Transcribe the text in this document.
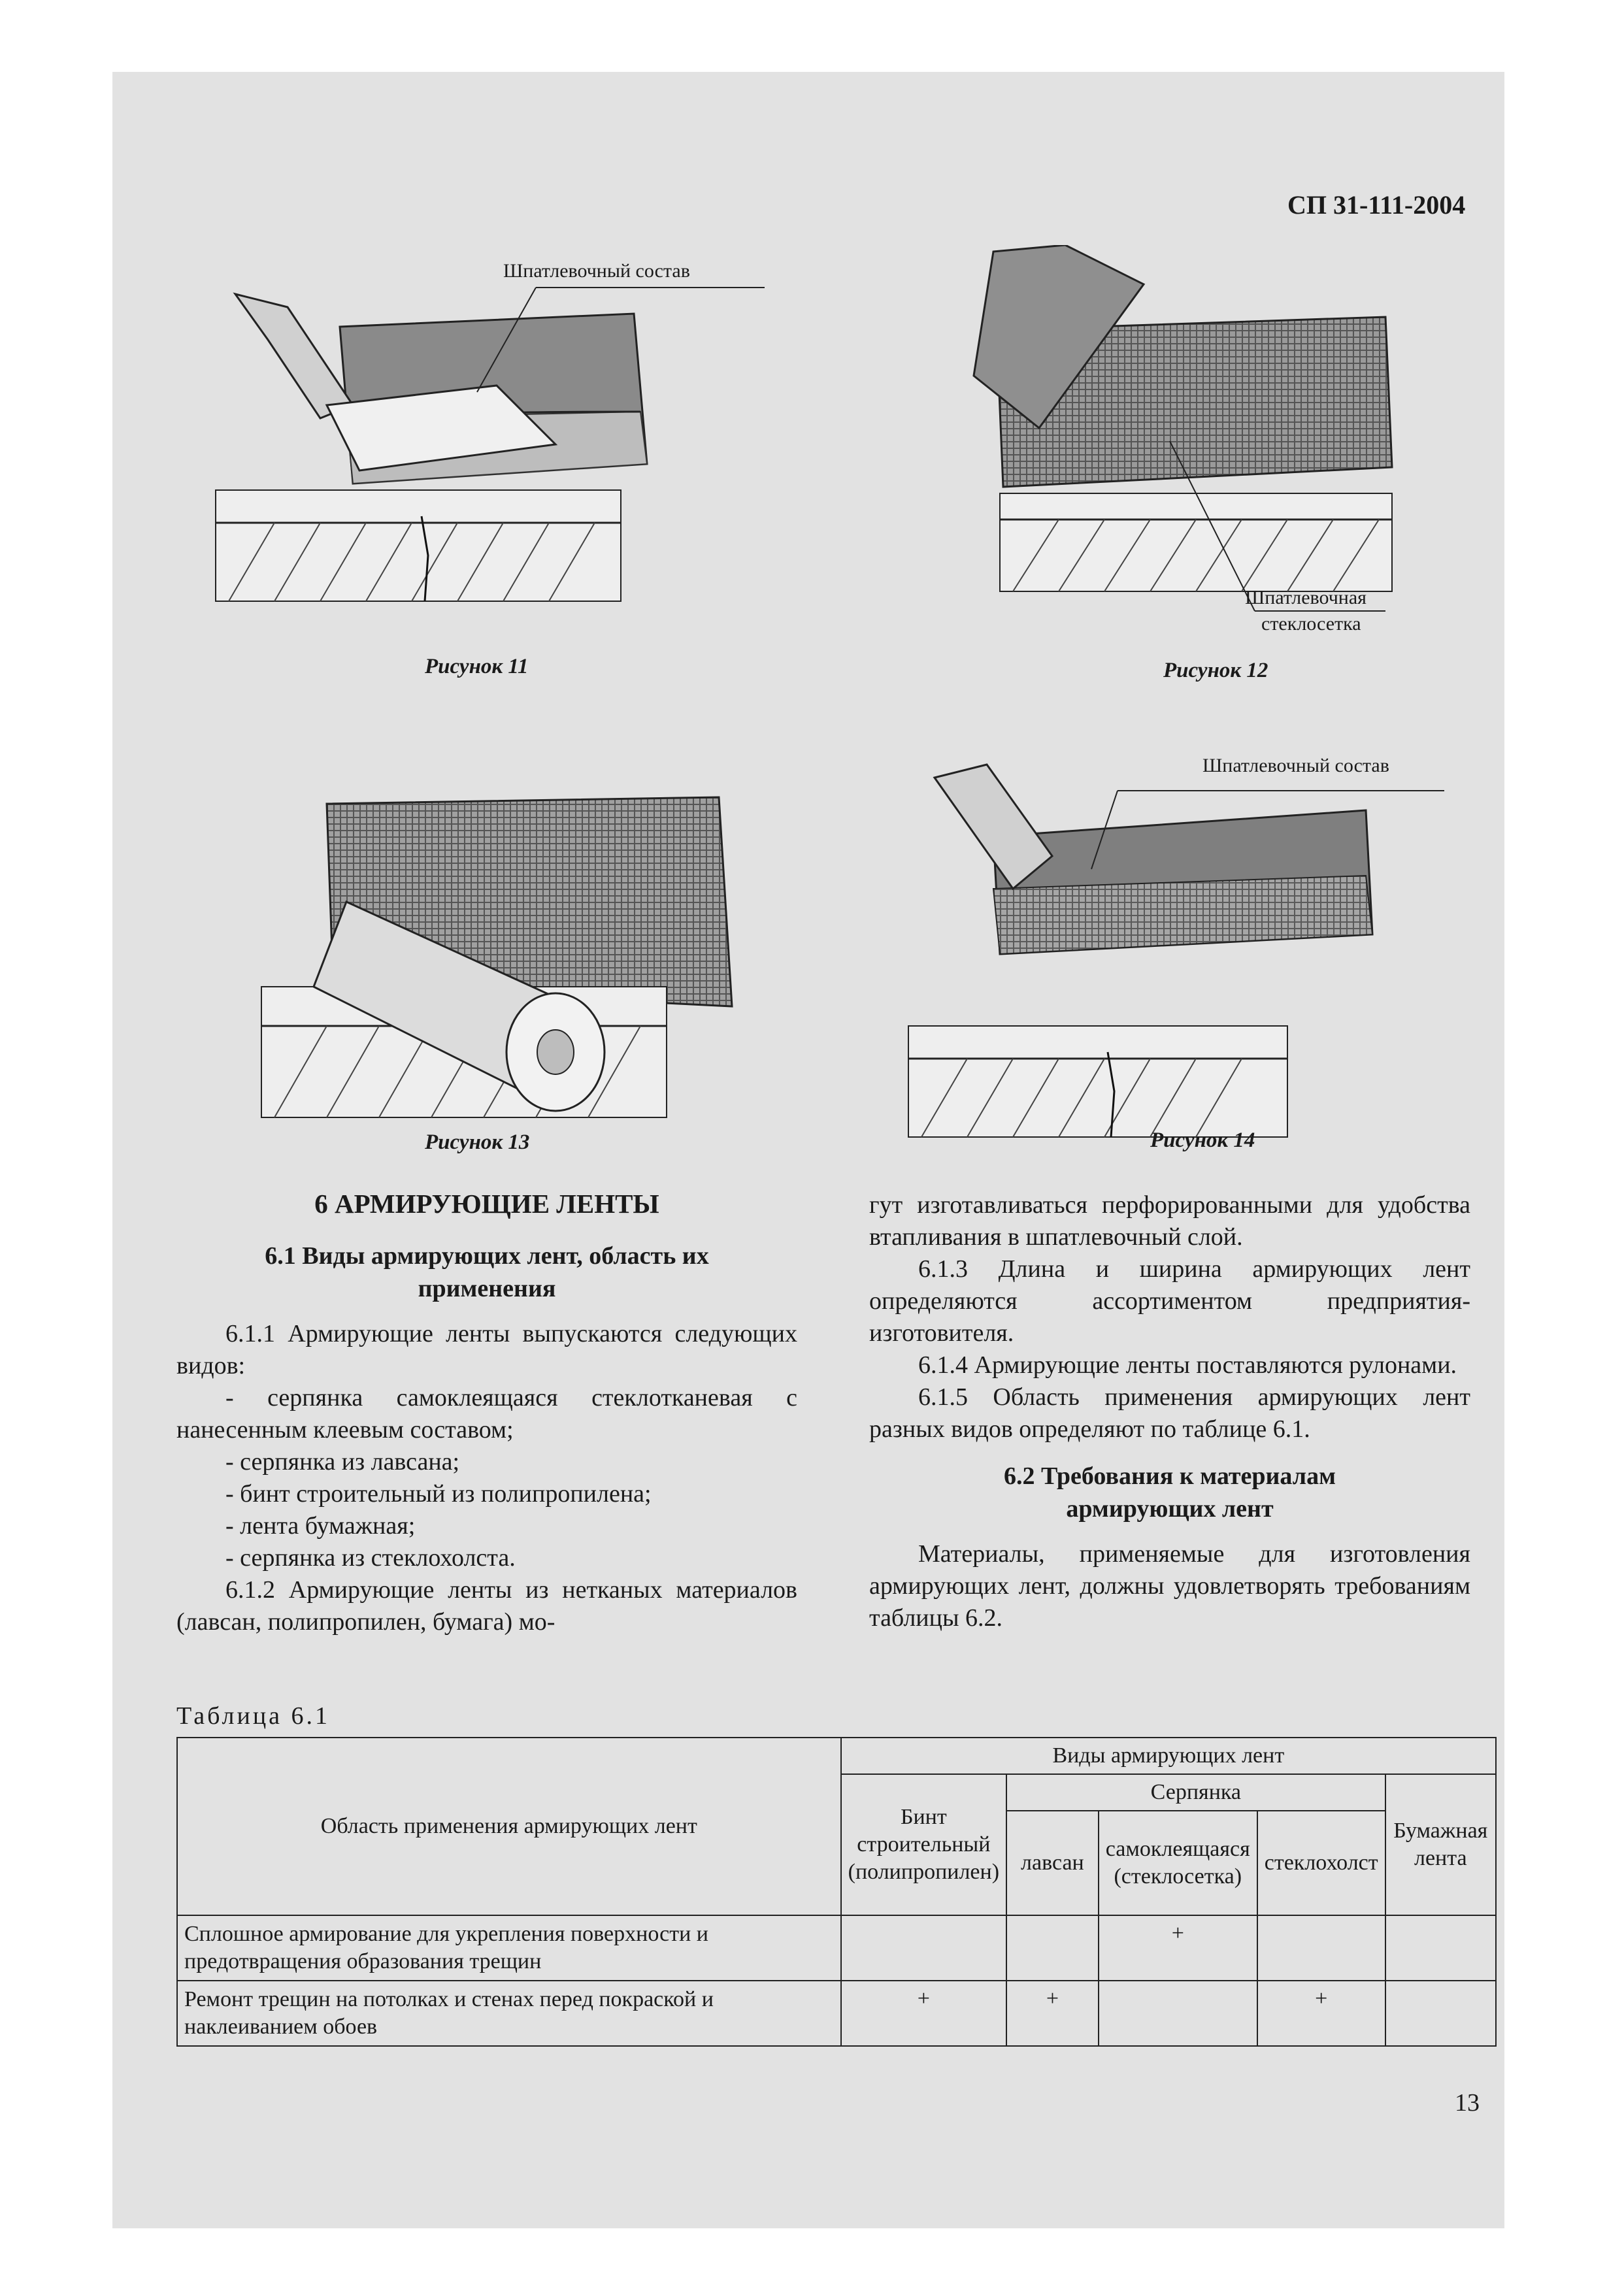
СП 31-111-2004
Шпатлевочный состав
Рисунок 11
Шпатлевочная
стеклосетка
Рисунок 12
Рисунок 13
Шпатлевочный состав
Рисунок 14

6 АРМИРУЮЩИЕ ЛЕНТЫ

6.1 Виды армирующих лент, область их применения

6.1.1 Армирующие ленты выпускаются следующих видов:

- серпянка самоклеящаяся стеклотканевая с нанесенным клеевым составом;
- серпянка из лавсана;
- бинт строительный из полипропилена;
- лента бумажная;
- серпянка из стеклохолста.

6.1.2 Армирующие ленты из нетканых материалов (лавсан, полипропилен, бумага) мо-

гут изготавливаться перфорированными для удобства втапливания в шпатлевочный слой.

6.1.3 Длина и ширина армирующих лент определяются ассортиментом предприятия-изготовителя.

6.1.4 Армирующие ленты поставляются рулонами.

6.1.5 Область применения армирующих лент разных видов определяют по таблице 6.1.

6.2 Требования к материалам армирующих лент

Материалы, применяемые для изготовления армирующих лент, должны удовлетворять требованиям таблицы 6.2.

Таблица 6.1
Область применения армирующих лент	Виды армирующих лент				
	Бинт строительный (полипропилен)	Серпянка			Бумажная лента
		лавсан	самоклеящаяся (стеклосетка)	стеклохолст	
Сплошное армирование для укрепления поверхности и предотвращения образования трещин			+		
Ремонт трещин на потолках и стенах перед покраской и наклеиванием обоев	+	+		+	
13
